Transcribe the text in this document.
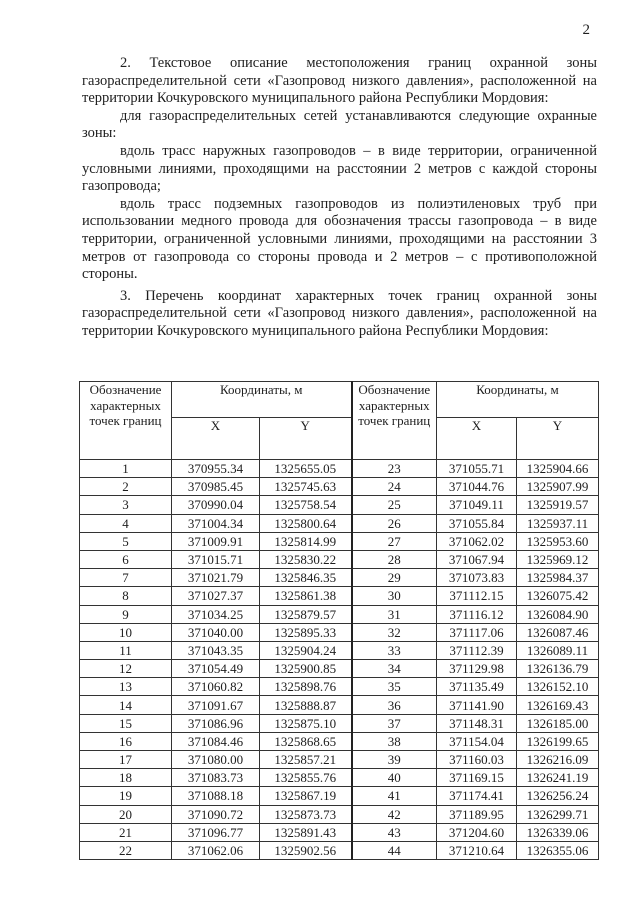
2

2. Текстовое описание местоположения границ охранной зоны газораспределительной сети «Газопровод низкого давления», расположенной на территории Кочкуровского муниципального района Республики Мордовия:

для газораспределительных сетей устанавливаются следующие охранные зоны:

вдоль трасс наружных газопроводов – в виде территории, ограниченной условными линиями, проходящими на расстоянии 2 метров с каждой стороны газопровода;

вдоль трасс подземных газопроводов из полиэтиленовых труб при использовании медного провода для обозначения трассы газопровода – в виде территории, ограниченной условными линиями, проходящими на расстоянии 3 метров от газопровода со стороны провода и 2 метров – с противоположной стороны.

3. Перечень координат характерных точек границ охранной зоны газораспределительной сети «Газопровод низкого давления», расположенной на территории Кочкуровского муниципального района Республики Мордовия:

Обозначение характерных точек границ	Координаты, м		Обозначение характерных точек границ	Координаты, м	
	X	Y		X	Y
1	370955.34	1325655.05	23	371055.71	1325904.66
2	370985.45	1325745.63	24	371044.76	1325907.99
3	370990.04	1325758.54	25	371049.11	1325919.57
4	371004.34	1325800.64	26	371055.84	1325937.11
5	371009.91	1325814.99	27	371062.02	1325953.60
6	371015.71	1325830.22	28	371067.94	1325969.12
7	371021.79	1325846.35	29	371073.83	1325984.37
8	371027.37	1325861.38	30	371112.15	1326075.42
9	371034.25	1325879.57	31	371116.12	1326084.90
10	371040.00	1325895.33	32	371117.06	1326087.46
11	371043.35	1325904.24	33	371112.39	1326089.11
12	371054.49	1325900.85	34	371129.98	1326136.79
13	371060.82	1325898.76	35	371135.49	1326152.10
14	371091.67	1325888.87	36	371141.90	1326169.43
15	371086.96	1325875.10	37	371148.31	1326185.00
16	371084.46	1325868.65	38	371154.04	1326199.65
17	371080.00	1325857.21	39	371160.03	1326216.09
18	371083.73	1325855.76	40	371169.15	1326241.19
19	371088.18	1325867.19	41	371174.41	1326256.24
20	371090.72	1325873.73	42	371189.95	1326299.71
21	371096.77	1325891.43	43	371204.60	1326339.06
22	371062.06	1325902.56	44	371210.64	1326355.06
